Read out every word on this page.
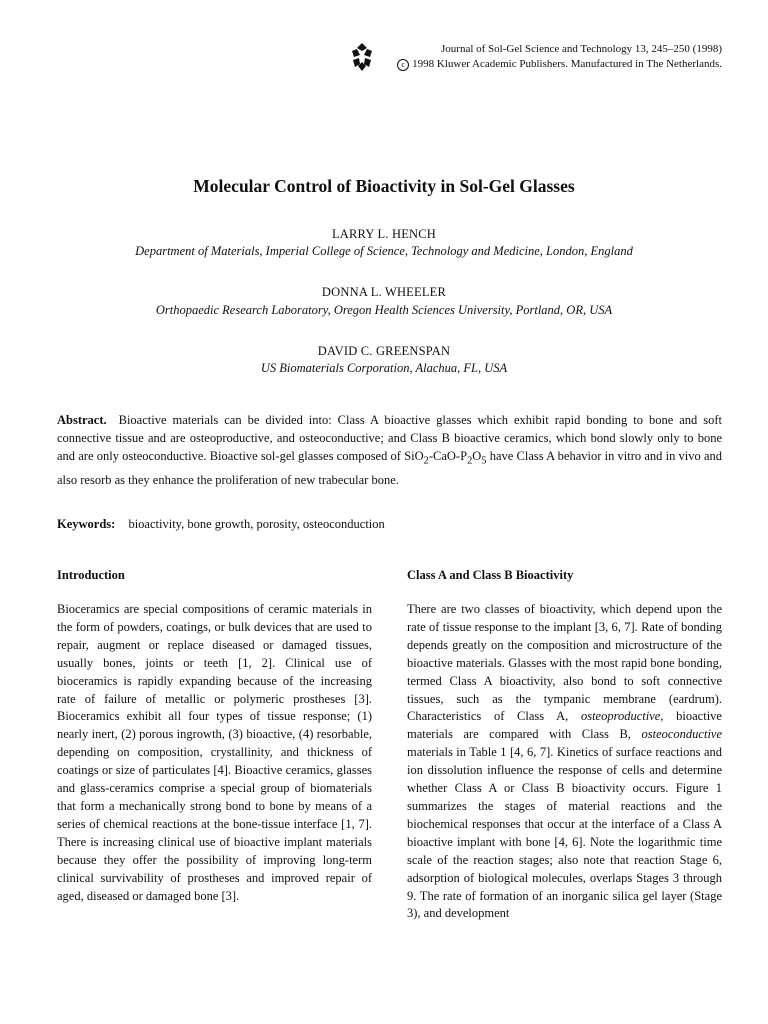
Journal of Sol-Gel Science and Technology 13, 245–250 (1998)
c 1998 Kluwer Academic Publishers. Manufactured in The Netherlands.
Molecular Control of Bioactivity in Sol-Gel Glasses
LARRY L. HENCH
Department of Materials, Imperial College of Science, Technology and Medicine, London, England
DONNA L. WHEELER
Orthopaedic Research Laboratory, Oregon Health Sciences University, Portland, OR, USA
DAVID C. GREENSPAN
US Biomaterials Corporation, Alachua, FL, USA

Abstract. Bioactive materials can be divided into: Class A bioactive glasses which exhibit rapid bonding to bone and soft connective tissue and are osteoproductive, and osteoconductive; and Class B bioactive ceramics, which bond slowly only to bone and are only osteoconductive. Bioactive sol-gel glasses composed of $SiO_2-CaO-P_2O_5$ have Class A behavior in vitro and in vivo and also resorb as they enhance the proliferation of new trabecular bone.

Keywords: bioactivity, bone growth, porosity, osteoconduction

Introduction	Class A and Class B Bioactivity

Bioceramics are special compositions of ceramic materials in the form of powders, coatings, or bulk devices that are used to repair, augment or replace diseased or damaged tissues, usually bones, joints or teeth [1, 2]. Clinical use of bioceramics is rapidly expanding because of the increasing rate of failure of metallic or polymeric prostheses [3]. Bioceramics exhibit all four types of tissue response; (1) nearly inert, (2) porous ingrowth, (3) bioactive, (4) resorbable, depending on composition, crystallinity, and thickness of coatings or size of particulates [4]. Bioactive ceramics, glasses and glass-ceramics comprise a special group of biomaterials that form a mechanically strong bond to bone by means of a series of chemical reactions at the bone-tissue interface [1, 7]. There is increasing clinical use of bioactive implant materials because they offer the possibility of improving long-term clinical survivability of prostheses and improved repair of aged, diseased or damaged bone [3].

There are two classes of bioactivity, which depend upon the rate of tissue response to the implant [3, 6, 7]. Rate of bonding depends greatly on the composition and microstructure of the bioactive materials. Glasses with the most rapid bone bonding, termed Class A bioactivity, also bond to soft connective tissues, such as the tympanic membrane (eardrum). Characteristics of Class A, osteoproductive, bioactive materials are compared with Class B, osteoconductive materials in Table 1 [4, 6, 7]. Kinetics of surface reactions and ion dissolution influence the response of cells and determine whether Class A or Class B bioactivity occurs. Figure 1 summarizes the stages of material reactions and the biochemical responses that occur at the interface of a Class A bioactive implant with bone [4, 6]. Note the logarithmic time scale of the reaction stages; also note that reaction Stage 6, adsorption of biological molecules, overlaps Stages 3 through 9. The rate of formation of an inorganic silica gel layer (Stage 3), and development
